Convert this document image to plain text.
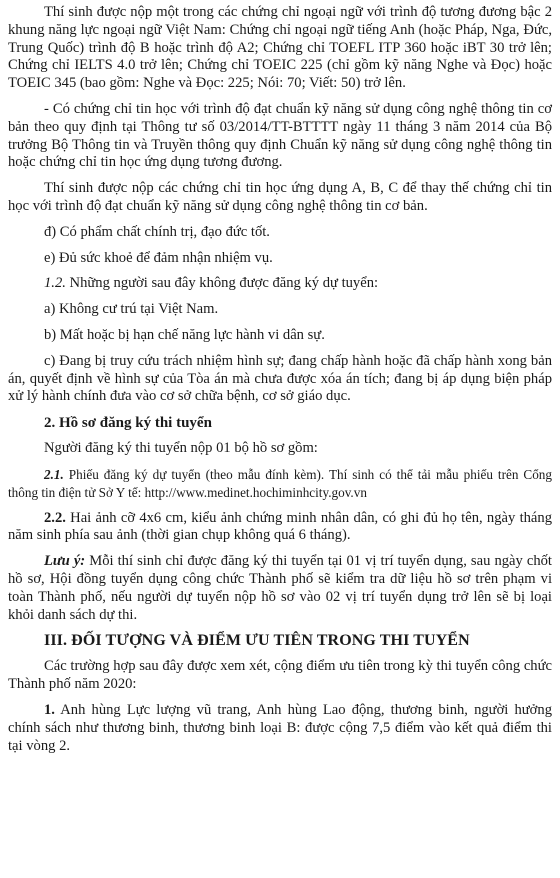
Thí sinh được nộp một trong các chứng chỉ ngoại ngữ với trình độ tương đương bậc 2 khung năng lực ngoại ngữ Việt Nam: Chứng chỉ ngoại ngữ tiếng Anh (hoặc Pháp, Nga, Đức, Trung Quốc) trình độ B hoặc trình độ A2; Chứng chỉ TOEFL ITP 360 hoặc iBT 30 trở lên; Chứng chỉ IELTS 4.0 trở lên; Chứng chỉ TOEIC 225 (chỉ gồm kỹ năng Nghe và Đọc) hoặc TOEIC 345 (bao gồm: Nghe và Đọc: 225; Nói: 70; Viết: 50) trở lên.

- Có chứng chỉ tin học với trình độ đạt chuẩn kỹ năng sử dụng công nghệ thông tin cơ bản theo quy định tại Thông tư số 03/2014/TT-BTTTT ngày 11 tháng 3 năm 2014 của Bộ trưởng Bộ Thông tin và Truyền thông quy định Chuẩn kỹ năng sử dụng công nghệ thông tin hoặc chứng chỉ tin học ứng dụng tương đương.

Thí sinh được nộp các chứng chỉ tin học ứng dụng A, B, C để thay thế chứng chỉ tin học với trình độ đạt chuẩn kỹ năng sử dụng công nghệ thông tin cơ bản.

đ) Có phẩm chất chính trị, đạo đức tốt.

e) Đủ sức khoẻ để đảm nhận nhiệm vụ.

1.2. Những người sau đây không được đăng ký dự tuyển:

a) Không cư trú tại Việt Nam.

b) Mất hoặc bị hạn chế năng lực hành vi dân sự.

c) Đang bị truy cứu trách nhiệm hình sự; đang chấp hành hoặc đã chấp hành xong bản án, quyết định về hình sự của Tòa án mà chưa được xóa án tích; đang bị áp dụng biện pháp xử lý hành chính đưa vào cơ sở chữa bệnh, cơ sở giáo dục.

2. Hồ sơ đăng ký thi tuyển

Người đăng ký thi tuyển nộp 01 bộ hồ sơ gồm:

2.1. Phiếu đăng ký dự tuyển (theo mẫu đính kèm). Thí sinh có thể tải mẫu phiếu trên Cổng thông tin điện tử Sở Y tế: http://www.medinet.hochiminhcity.gov.vn

2.2. Hai ảnh cỡ 4x6 cm, kiểu ảnh chứng minh nhân dân, có ghi đủ họ tên, ngày tháng năm sinh phía sau ảnh (thời gian chụp không quá 6 tháng).

Lưu ý: Mỗi thí sinh chỉ được đăng ký thi tuyển tại 01 vị trí tuyển dụng, sau ngày chốt hồ sơ, Hội đồng tuyển dụng công chức Thành phố sẽ kiểm tra dữ liệu hồ sơ trên phạm vi toàn Thành phố, nếu người dự tuyển nộp hồ sơ vào 02 vị trí tuyển dụng trở lên sẽ bị loại khỏi danh sách dự thi.

III. ĐỐI TƯỢNG VÀ ĐIỂM ƯU TIÊN TRONG THI TUYỂN

Các trường hợp sau đây được xem xét, cộng điểm ưu tiên trong kỳ thi tuyển công chức Thành phố năm 2020:

1. Anh hùng Lực lượng vũ trang, Anh hùng Lao động, thương binh, người hưởng chính sách như thương binh, thương binh loại B: được cộng 7,5 điểm vào kết quả điểm thi tại vòng 2.
